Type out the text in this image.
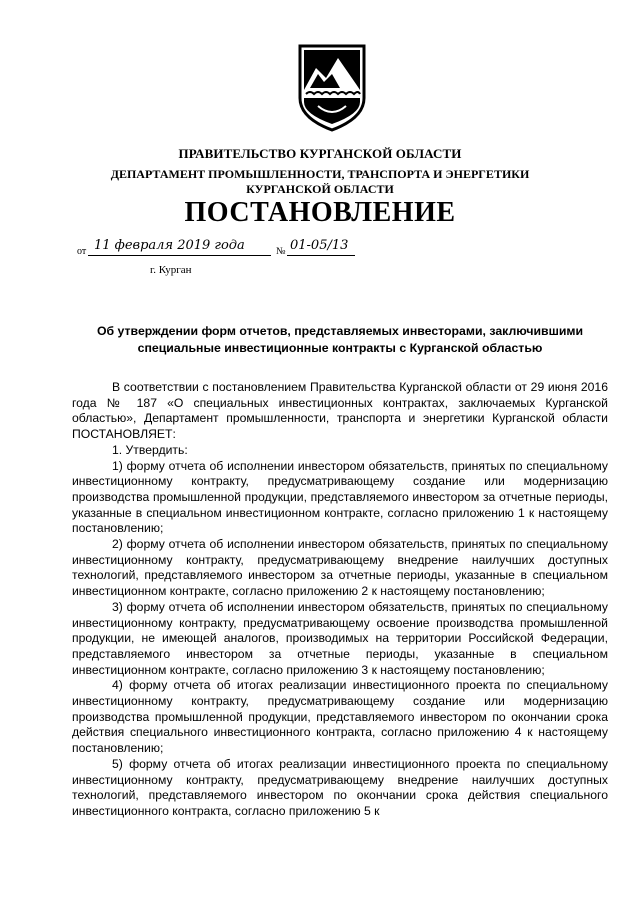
ПРАВИТЕЛЬСТВО КУРГАНСКОЙ ОБЛАСТИ
ДЕПАРТАМЕНТ ПРОМЫШЛЕННОСТИ, ТРАНСПОРТА И ЭНЕРГЕТИКИ
КУРГАНСКОЙ ОБЛАСТИ
ПОСТАНОВЛЕНИЕ
от 11 февраля 2019 года	№ 01-05/13
г. Курган
Об утверждении форм отчетов, представляемых инвесторами, заключившими
специальные инвестиционные контракты с Курганской областью

В соответствии с постановлением Правительства Курганской области от 29 июня 2016 года № 187 «О специальных инвестиционных контрактах, заключаемых Курганской областью», Департамент промышленности, транспорта и энергетики Курганской области ПОСТАНОВЛЯЕТ:

1. Утвердить:

1) форму отчета об исполнении инвестором обязательств, принятых по специальному инвестиционному контракту, предусматривающему создание или модернизацию производства промышленной продукции, представляемого инвестором за отчетные периоды, указанные в специальном инвестиционном контракте, согласно приложению 1 к настоящему постановлению;

2) форму отчета об исполнении инвестором обязательств, принятых по специальному инвестиционному контракту, предусматривающему внедрение наилучших доступных технологий, представляемого инвестором за отчетные периоды, указанные в специальном инвестиционном контракте, согласно приложению 2 к настоящему постановлению;

3) форму отчета об исполнении инвестором обязательств, принятых по специальному инвестиционному контракту, предусматривающему освоение производства промышленной продукции, не имеющей аналогов, производимых на территории Российской Федерации, представляемого инвестором за отчетные периоды, указанные в специальном инвестиционном контракте, согласно приложению 3 к настоящему постановлению;

4) форму отчета об итогах реализации инвестиционного проекта по специальному инвестиционному контракту, предусматривающему создание или модернизацию производства промышленной продукции, представляемого инвестором по окончании срока действия специального инвестиционного контракта, согласно приложению 4 к настоящему постановлению;

5) форму отчета об итогах реализации инвестиционного проекта по специальному инвестиционному контракту, предусматривающему внедрение наилучших доступных технологий, представляемого инвестором по окончании срока действия специального инвестиционного контракта, согласно приложению 5 к
